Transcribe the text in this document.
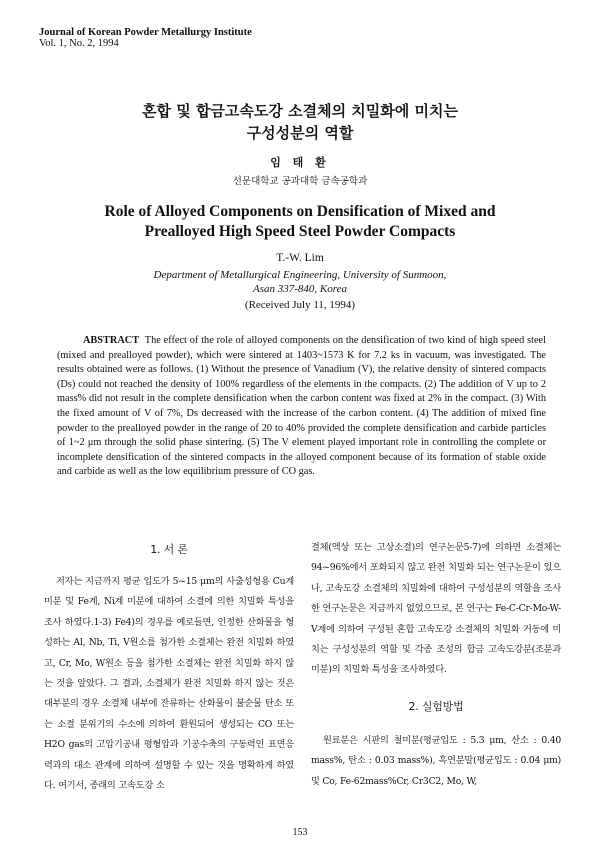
Journal of Korean Powder Metallurgy Institute
Vol. 1, No. 2, 1994
혼합 및 합금고속도강 소결체의 치밀화에 미치는
구성성분의 역할
임 태 환
선문대학교 공과대학 금속공학과
Role of Alloyed Components on Densification of Mixed and
Prealloyed High Speed Steel Powder Compacts
T.-W. Lim
Department of Metallurgical Engineering, University of Sunmoon,
Asan 337-840, Korea
(Received July 11, 1994)
ABSTRACT The effect of the role of alloyed components on the densification of two kind of high speed steel (mixed and prealloyed powder), which were sintered at 1403~1573 K for 7.2 ks in vacuum, was investigated. The results obtained were as follows. (1) Without the presence of Vanadium (V), the relative density of sintered compacts (Ds) could not reached the density of 100% regardless of the elements in the compacts. (2) The addition of V up to 2 mass% did not result in the complete densification when the carbon content was fixed at 2% in the compact. (3) With the fixed amount of V of 7%, Ds decreased with the increase of the carbon content. (4) The addition of mixed fine powder to the prealloyed powder in the range of 20 to 40% provided the complete densification and carbide particles of 1~2 μm through the solid phase sintering. (5) The V element played important role in controlling the complete or incomplete densification of the sintered compacts in the alloyed component because of its formation of stable oxide and carbide as well as the low equilibrium pressure of CO gas.
1. 서 론

저자는 지금까지 평균 입도가 5~15 μm의 사출성형용 Cu계 미분 및 Fe계, Ni계 미분에 대하여 소결에 의한 치밀화 특성을 조사 하였다.1-3) Fe4)의 경우를 예로들면, 인정한 산화물을 형성하는 Al, Nb, Ti, V원소를 첨가한 소결체는 완전 치밀화 하였고, Cr, Mo, W원소 등을 첨가한 소결체는 완전 치밀화 하지 않는 것을 알았다. 그 결과, 소결체가 완전 치밀화 하지 않는 것은 대부분의 경우 소결체 내부에 잔류하는 산화물이 불순물 탄소 또는 소결 분위기의 수소에 의하여 환원되어 생성되는 CO 또는 H2O gas의 고압기공내 평형압과 기공수축의 구동력인 표면응력과의 대소 관계에 의하여 설명할 수 있는 것을 명확하게 하였다. 여기서, 종래의 고속도강 소

결체(액상 또는 고상소결)의 연구논문5-7)에 의하면 소결체는 94~96%에서 포화되지 않고 완전 치밀화 되는 연구논문이 있으나, 고속도강 소결체의 치밀화에 대하여 구성성분의 역할을 조사한 연구논문은 지금까지 없었으므로, 본 연구는 Fe-C-Cr-Mo-W-V계에 의하여 구성된 혼합 고속도강 소결체의 치밀화 거동에 미치는 구성성분의 역할 및 각종 조성의 합금 고속도강분(조분과 미분)의 치밀화 특성을 조사하였다.

2. 실험방법

원료분은 시판의 철미분(평균입도 : 5.3 μm, 산소 : 0.40 mass%, 탄소 : 0.03 mass%), 흑연분말(평균입도 : 0.04 μm) 및 Co, Fe-62mass%Cr, Cr3C2, Mo, W,

153
